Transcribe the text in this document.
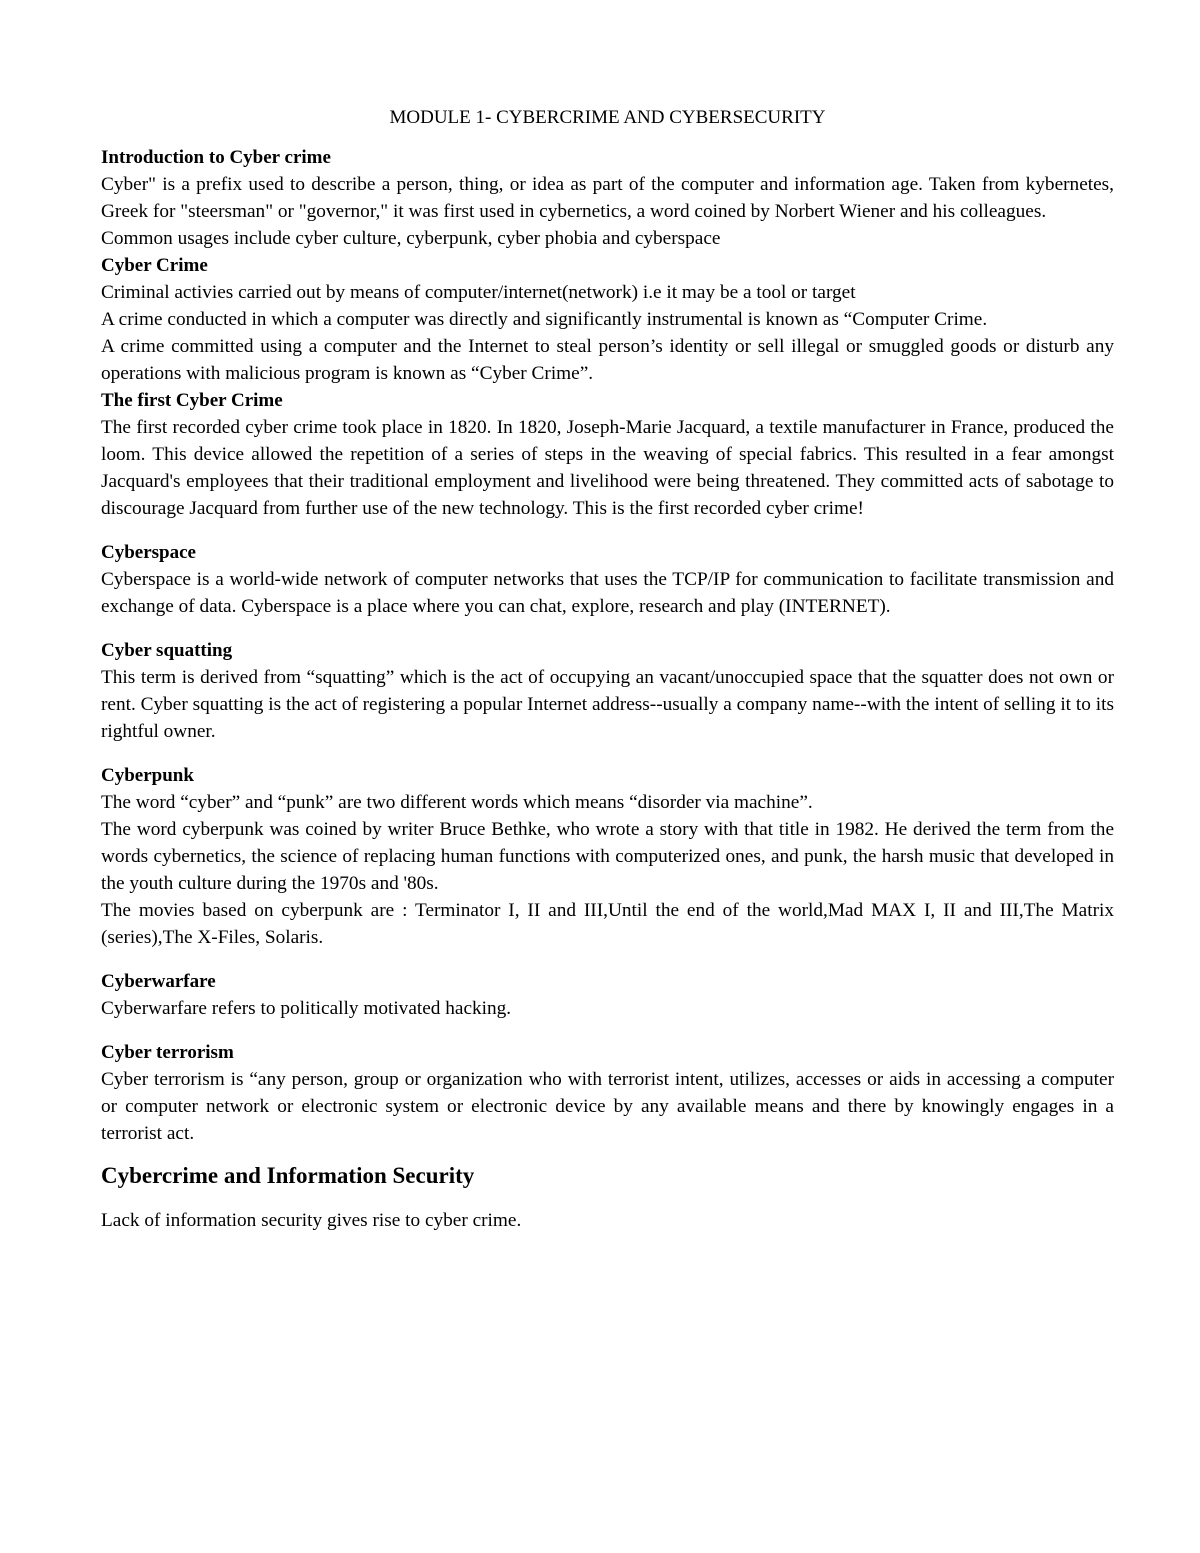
MODULE 1- CYBERCRIME AND CYBERSECURITY
Introduction to Cyber crime
Cyber" is a prefix used to describe a person, thing, or idea as part of the computer and information age. Taken from kybernetes, Greek for "steersman" or "governor," it was first used in cybernetics, a word coined by Norbert Wiener and his colleagues.
Common usages include cyber culture, cyberpunk, cyber phobia and cyberspace
Cyber Crime
Criminal activies carried out by means of computer/internet(network) i.e it may be a tool or target
A crime conducted in which a computer was directly and significantly instrumental is known as “Computer Crime.
A crime committed using a computer and the Internet to steal person’s identity or sell illegal or smuggled goods or disturb any operations with malicious program is known as “Cyber Crime”.
The first Cyber Crime
The first recorded cyber crime took place in 1820. In 1820, Joseph-Marie Jacquard, a textile manufacturer in France, produced the loom. This device allowed the repetition of a series of steps in the weaving of special fabrics. This resulted in a fear amongst Jacquard's employees that their traditional employment and livelihood were being threatened. They committed acts of sabotage to discourage Jacquard from further use of the new technology. This is the first recorded cyber crime!
Cyberspace
Cyberspace is a world-wide network of computer networks that uses the TCP/IP for communication to facilitate transmission and exchange of data. Cyberspace is a place where you can chat, explore, research and play (INTERNET).
Cyber squatting
This term is derived from “squatting” which is the act of occupying an vacant/unoccupied space that the squatter does not own or rent. Cyber squatting is the act of registering a popular Internet address--usually a company name--with the intent of selling it to its rightful owner.
Cyberpunk
The word “cyber” and “punk” are two different words which means “disorder via machine”.
The word cyberpunk was coined by writer Bruce Bethke, who wrote a story with that title in 1982. He derived the term from the words cybernetics, the science of replacing human functions with computerized ones, and punk, the harsh music that developed in the youth culture during the 1970s and '80s.
The movies based on cyberpunk are : Terminator I, II and III,Until the end of the world,Mad MAX I, II and III,The Matrix (series),The X-Files, Solaris.
Cyberwarfare
Cyberwarfare refers to politically motivated hacking.
Cyber terrorism
Cyber terrorism is “any person, group or organization who with terrorist intent, utilizes, accesses or aids in accessing a computer or computer network or electronic system or electronic device by any available means and there by knowingly engages in a terrorist act.
Cybercrime and Information Security
Lack of information security gives rise to cyber crime.
